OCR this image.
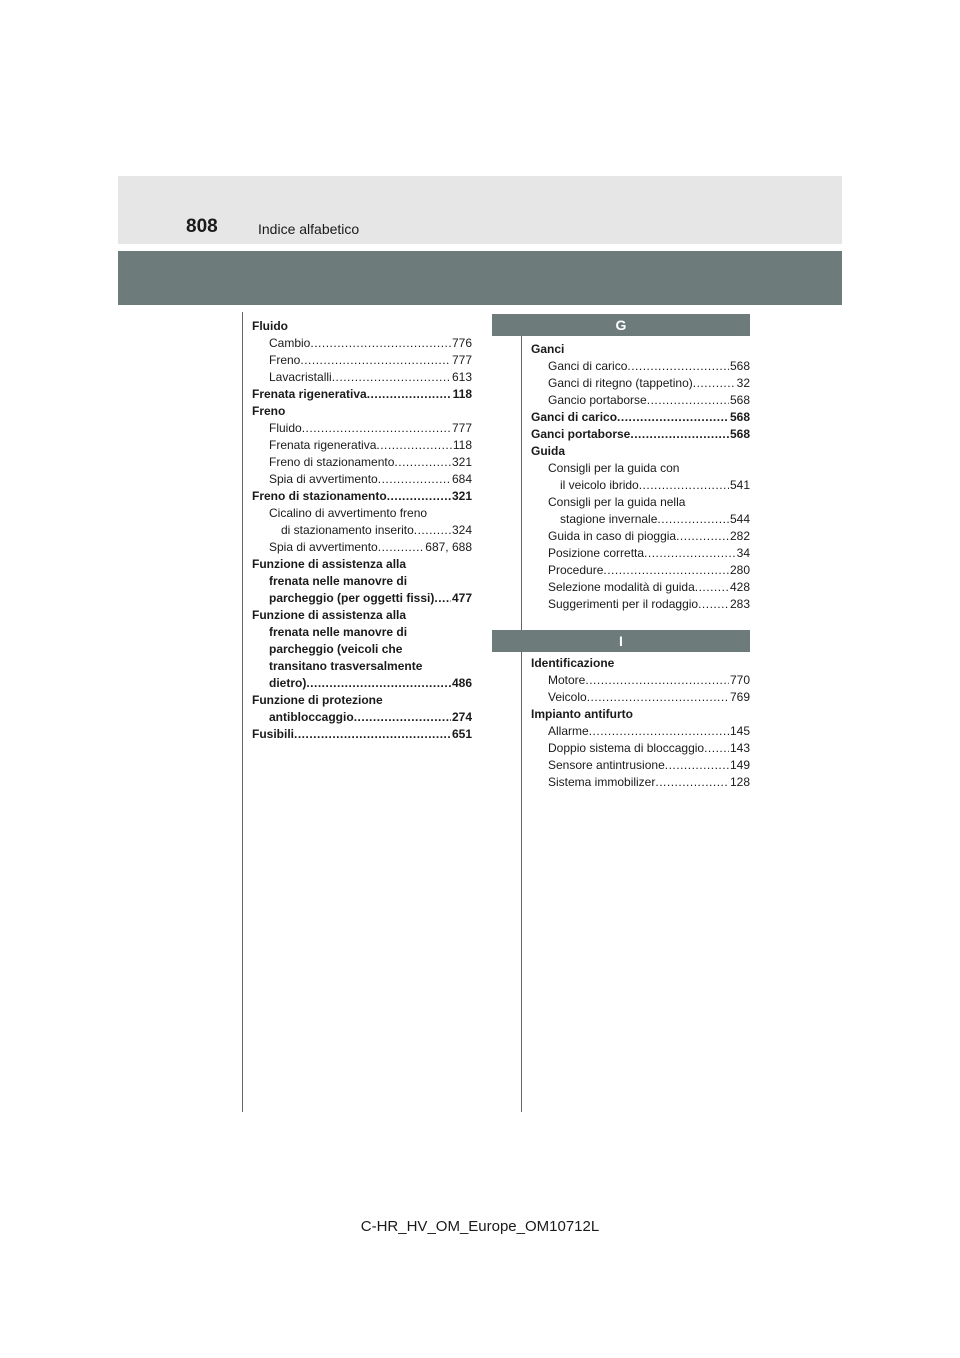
808	Indice alfabetico
Fluido
Cambio .....	776
Freno .....	777
Lavacristalli .....	613
Frenata rigenerativa .....	118
Freno
Fluido .....	777
Frenata rigenerativa .....	118
Freno di stazionamento .....	321
Spia di avvertimento .....	684
Freno di stazionamento .....	321
Cicalino di avvertimento freno
di stazionamento inserito .....	324
Spia di avvertimento .....	687, 688
Funzione di assistenza alla
frenata nelle manovre di
parcheggio (per oggetti fissi) ..... 477
Funzione di assistenza alla
frenata nelle manovre di
parcheggio (veicoli che
transitano trasversalmente
dietro) .....	486
Funzione di protezione
antibloccaggio .....	274
Fusibili .....	651
G
Ganci
Ganci di carico .....	568
Ganci di ritegno (tappetino) .....	32
Gancio portaborse .....	568
Ganci di carico .....	568
Ganci portaborse .....	568
Guida
Consigli per la guida con
il veicolo ibrido .....	541
Consigli per la guida nella
stagione invernale .....	544
Guida in caso di pioggia .....	282
Posizione corretta .....	34
Procedure .....	280
Selezione modalità di guida .....	428
Suggerimenti per il rodaggio .....	283
I
Identificazione
Motore .....	770
Veicolo .....	769
Impianto antifurto
Allarme .....	145
Doppio sistema di bloccaggio ..... 143
Sensore antintrusione .....	149
Sistema immobilizer .....	128
C-HR_HV_OM_Europe_OM10712L
